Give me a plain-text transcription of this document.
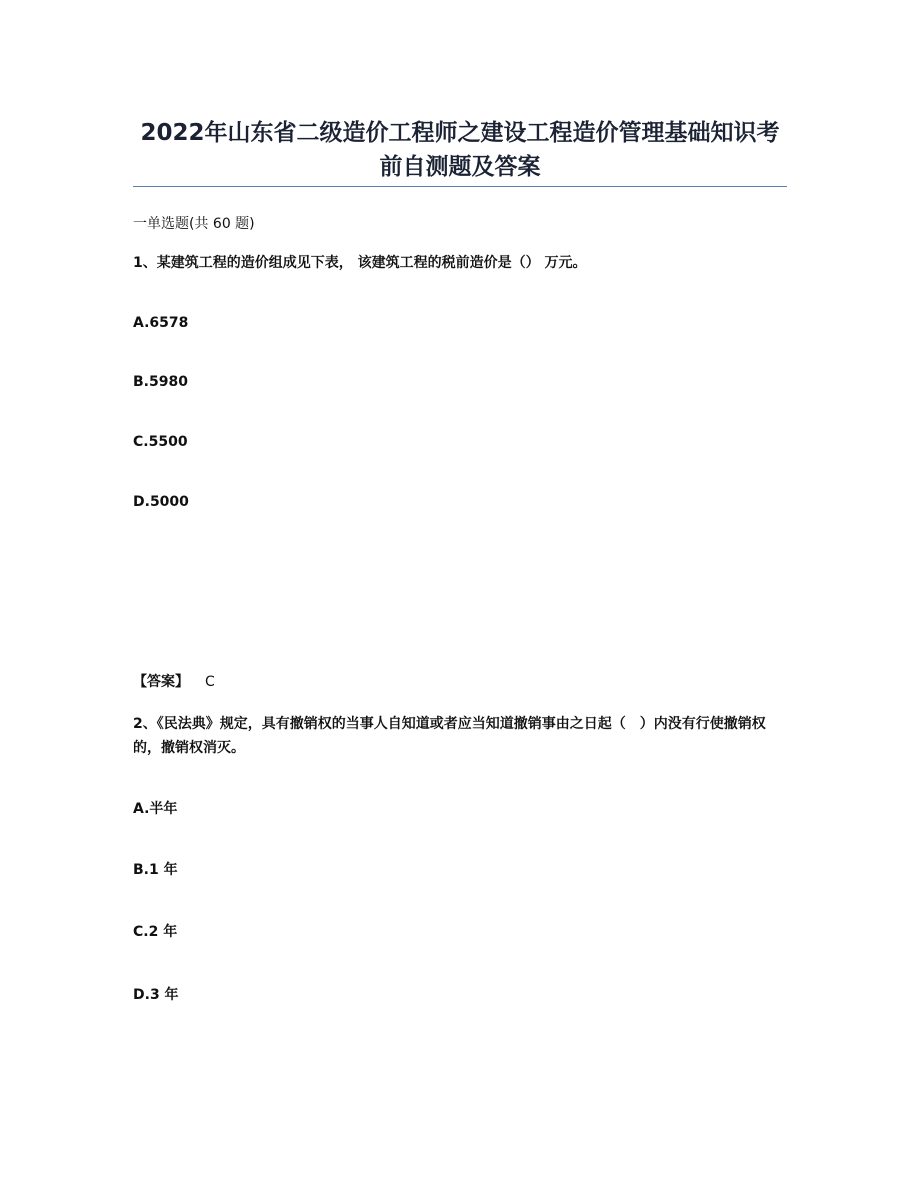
2022年山东省二级造价工程师之建设工程造价管理基础知识考前自测题及答案

一单选题(共 60 题)

1、某建筑工程的造价组成见下表， 该建筑工程的税前造价是（） 万元。

A.6578

B.5980

C.5500

D.5000

【答案】 C

2、《民法典》规定，具有撤销权的当事人自知道或者应当知道撤销事由之日起（　）内没有行使撤销权的，撤销权消灭。

A.半年

B.1 年

C.2 年

D.3 年
